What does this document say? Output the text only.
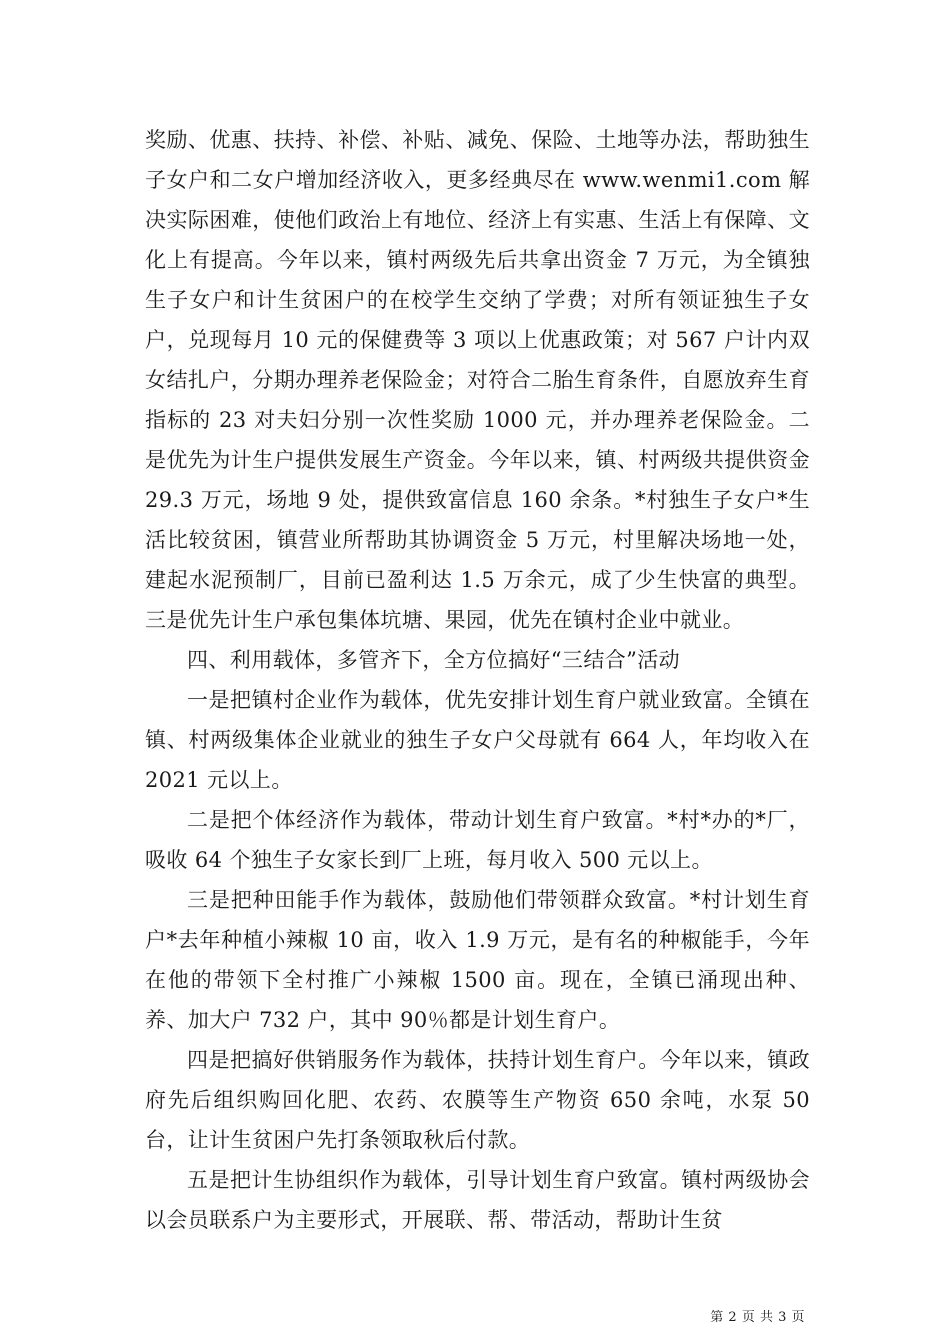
奖励、优惠、扶持、补偿、补贴、减免、保险、土地等办法，帮助独生子女户和二女户增加经济收入，更多经典尽在 www.wenmi1.com 解决实际困难，使他们政治上有地位、经济上有实惠、生活上有保障、文化上有提高。今年以来，镇村两级先后共拿出资金 7 万元，为全镇独生子女户和计生贫困户的在校学生交纳了学费；对所有领证独生子女户，兑现每月 10 元的保健费等 3 项以上优惠政策；对 567 户计内双女结扎户，分期办理养老保险金；对符合二胎生育条件，自愿放弃生育指标的 23 对夫妇分别一次性奖励 1000 元，并办理养老保险金。二是优先为计生户提供发展生产资金。今年以来，镇、村两级共提供资金 29.3 万元，场地 9 处，提供致富信息 160 余条。*村独生子女户*生活比较贫困，镇营业所帮助其协调资金 5 万元，村里解决场地一处，建起水泥预制厂，目前已盈利达 1.5 万余元，成了少生快富的典型。三是优先计生户承包集体坑塘、果园，优先在镇村企业中就业。

四、利用载体，多管齐下，全方位搞好“三结合”活动

一是把镇村企业作为载体，优先安排计划生育户就业致富。全镇在镇、村两级集体企业就业的独生子女户父母就有 664 人，年均收入在 2021 元以上。

二是把个体经济作为载体，带动计划生育户致富。*村*办的*厂，吸收 64 个独生子女家长到厂上班，每月收入 500 元以上。

三是把种田能手作为载体，鼓励他们带领群众致富。*村计划生育户*去年种植小辣椒 10 亩，收入 1.9 万元，是有名的种椒能手，今年在他的带领下全村推广小辣椒 1500 亩。现在，全镇已涌现出种、养、加大户 732 户，其中 90％都是计划生育户。

四是把搞好供销服务作为载体，扶持计划生育户。今年以来，镇政府先后组织购回化肥、农药、农膜等生产物资 650 余吨，水泵 50 台，让计生贫困户先打条领取秋后付款。

五是把计生协组织作为载体，引导计划生育户致富。镇村两级协会以会员联系户为主要形式，开展联、帮、带活动，帮助计生贫

第 2 页 共 3 页
